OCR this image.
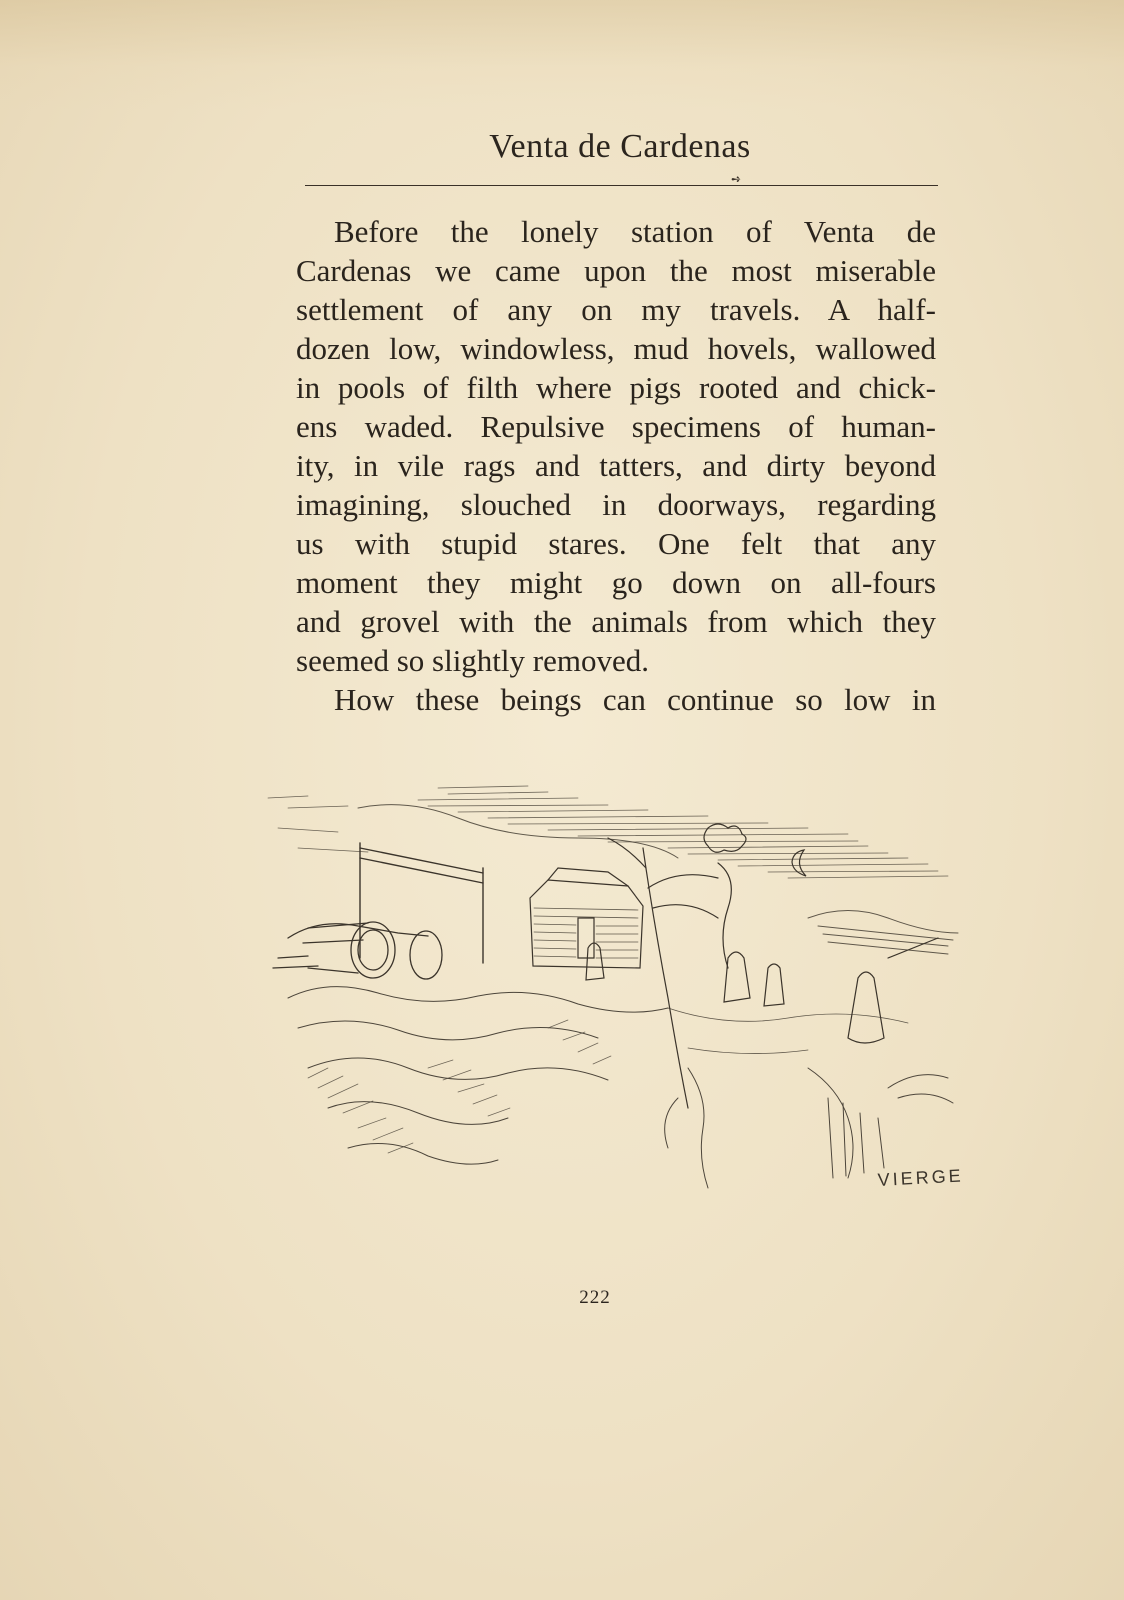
Venta de Cardenas
➺

Before the lonely station of Venta de

Cardenas we came upon the most miserable

settlement of any on my travels. A half-

dozen low, windowless, mud hovels, wallowed

in pools of filth where pigs rooted and chick-

ens waded. Repulsive specimens of human-

ity, in vile rags and tatters, and dirty beyond

imagining, slouched in doorways, regarding

us with stupid stares. One felt that any

moment they might go down on all-fours

and grovel with the animals from which they

seemed so slightly removed.

How these beings can continue so low in

VIERGE
222
